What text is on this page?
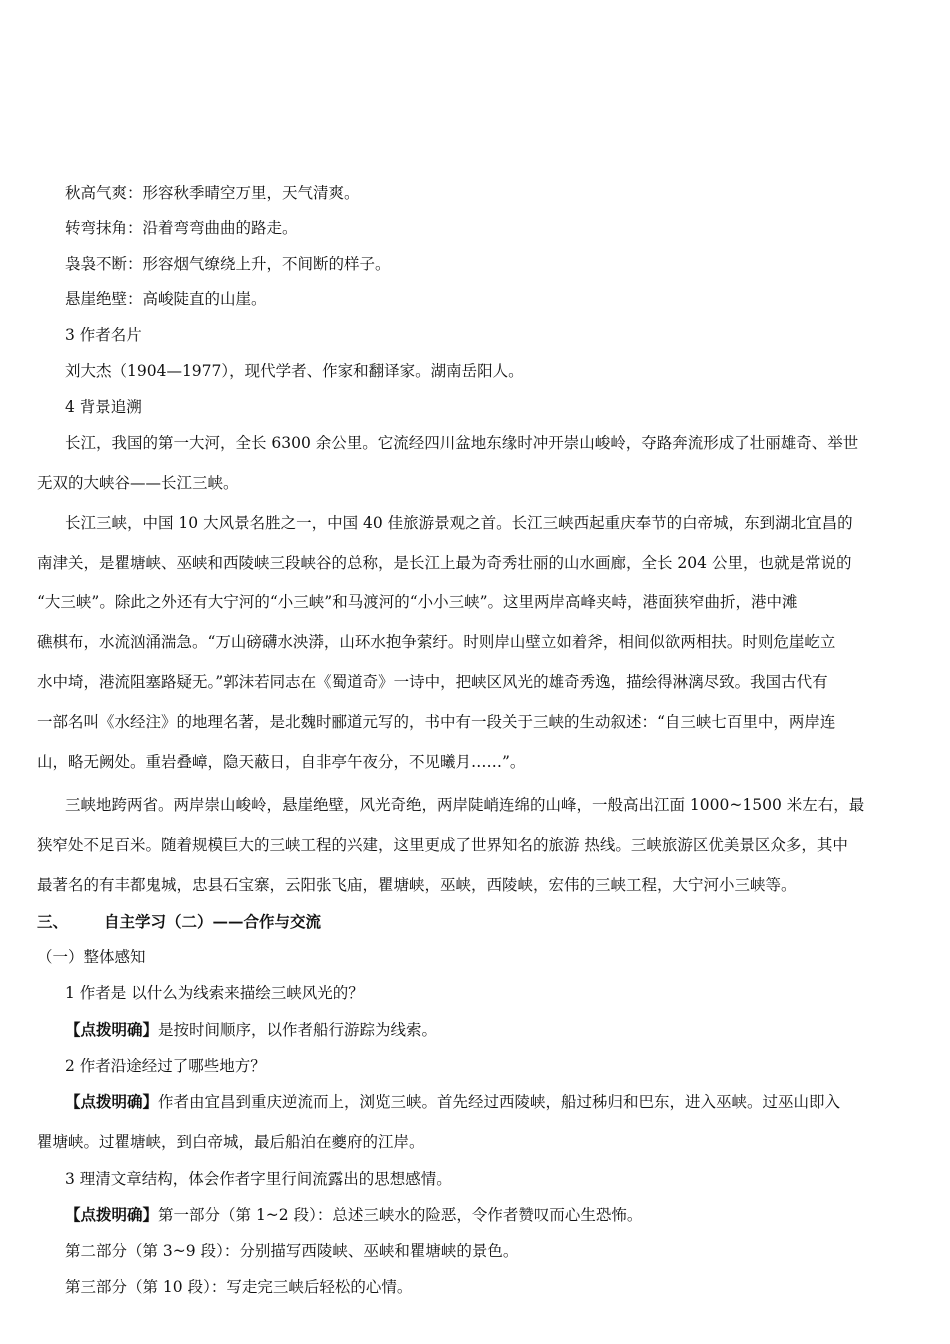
秋高气爽：形容秋季晴空万里，天气清爽。
转弯抹角：沿着弯弯曲曲的路走。
袅袅不断：形容烟气缭绕上升，不间断的样子。
悬崖绝壁：高峻陡直的山崖。
3 作者名片
刘大杰（1904—1977），现代学者、作家和翻译家。湖南岳阳人。
4 背景追溯
长江，我国的第一大河，全长 6300 余公里。它流经四川盆地东缘时冲开崇山峻岭，夺路奔流形成了壮丽雄奇、举世
无双的大峡谷——长江三峡。
长江三峡，中国 10 大风景名胜之一，中国 40 佳旅游景观之首。长江三峡西起重庆奉节的白帝城，东到湖北宜昌的
南津关，是瞿塘峡、巫峡和西陵峡三段峡谷的总称，是长江上最为奇秀壮丽的山水画廊，全长 204 公里，也就是常说的
“大三峡”。除此之外还有大宁河的“小三峡”和马渡河的“小小三峡”。这里两岸高峰夹峙，港面狭窄曲折，港中滩
礁棋布，水流汹涌湍急。“万山磅礴水泱漭，山环水抱争萦纡。时则岸山壁立如着斧，相间似欲两相扶。时则危崖屹立
水中埼，港流阻塞路疑无。”郭沫若同志在《蜀道奇》一诗中，把峡区风光的雄奇秀逸，描绘得淋漓尽致。我国古代有
一部名叫《水经注》的地理名著，是北魏时郦道元写的，书中有一段关于三峡的生动叙述：“自三峡七百里中，两岸连
山，略无阙处。重岩叠嶂，隐天蔽日，自非亭午夜分，不见曦月……”。
三峡地跨两省。两岸崇山峻岭，悬崖绝壁，风光奇绝，两岸陡峭连绵的山峰，一般高出江面 1000~1500 米左右，最
狭窄处不足百米。随着规模巨大的三峡工程的兴建，这里更成了世界知名的旅游 热线。三峡旅游区优美景区众多，其中
最著名的有丰都鬼城，忠县石宝寨，云阳张飞庙，瞿塘峡，巫峡，西陵峡，宏伟的三峡工程，大宁河小三峡等。
三、 自主学习（二）——合作与交流
（一）整体感知
1 作者是 以什么为线索来描绘三峡风光的？
【点拨明确】是按时间顺序，以作者船行游踪为线索。
2 作者沿途经过了哪些地方？
【点拨明确】作者由宜昌到重庆逆流而上，浏览三峡。首先经过西陵峡，船过秭归和巴东，进入巫峡。过巫山即入
瞿塘峡。过瞿塘峡，到白帝城，最后船泊在夔府的江岸。
3 理清文章结构，体会作者字里行间流露出的思想感情。
【点拨明确】第一部分（第 1~2 段）：总述三峡水的险恶，令作者赞叹而心生恐怖。
第二部分（第 3~9 段）：分别描写西陵峡、巫峡和瞿塘峡的景色。
第三部分（第 10 段）：写走完三峡后轻松的心情。
